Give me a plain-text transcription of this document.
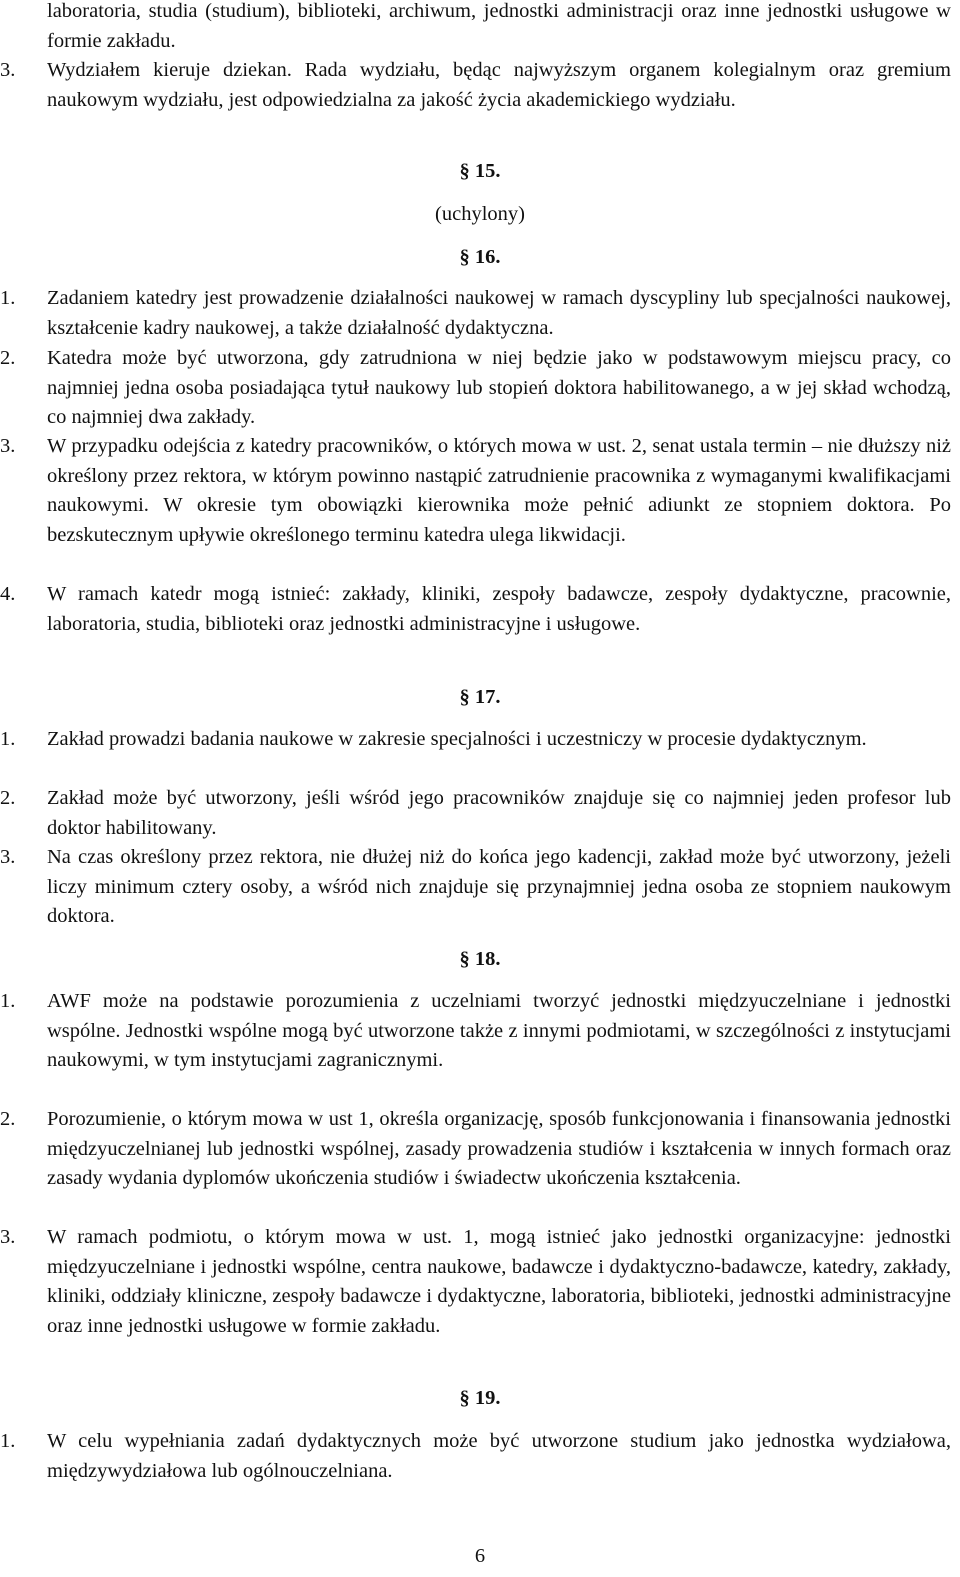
laboratoria, studia (studium), biblioteki, archiwum, jednostki administracji oraz inne jednostki usługowe w formie zakładu.
3.	Wydziałem kieruje dziekan. Rada wydziału, będąc najwyższym organem kolegialnym oraz gremium naukowym wydziału, jest odpowiedzialna za jakość życia akademickiego wydziału.
§ 15.
(uchylony)
§ 16.
1.	Zadaniem katedry jest prowadzenie działalności naukowej w ramach dyscypliny lub specjalności naukowej, kształcenie kadry naukowej, a także działalność dydaktyczna.
2.	Katedra może być utworzona, gdy zatrudniona w niej będzie jako w podstawowym miejscu pracy, co najmniej jedna osoba posiadająca tytuł naukowy lub stopień doktora habilitowanego, a w jej skład wchodzą, co najmniej dwa zakłady.
3.	W przypadku odejścia z katedry pracowników, o których mowa w ust. 2, senat ustala termin – nie dłuższy niż określony przez rektora, w którym powinno nastąpić zatrudnienie pracownika z wymaganymi kwalifikacjami naukowymi. W okresie tym obowiązki kierownika może pełnić adiunkt ze stopniem doktora. Po bezskutecznym upływie określonego terminu katedra ulega likwidacji.
4.	W ramach katedr mogą istnieć: zakłady, kliniki, zespoły badawcze, zespoły dydaktyczne, pracownie, laboratoria, studia, biblioteki oraz jednostki administracyjne i usługowe.
§ 17.
1.	Zakład prowadzi badania naukowe w zakresie specjalności i uczestniczy w procesie dydaktycznym.
2.	Zakład może być utworzony, jeśli wśród jego pracowników znajduje się co najmniej jeden profesor lub doktor habilitowany.
3.	Na czas określony przez rektora, nie dłużej niż do końca jego kadencji, zakład może być utworzony, jeżeli liczy minimum cztery osoby, a wśród nich znajduje się przynajmniej jedna osoba ze stopniem naukowym doktora.
§ 18.
1.	AWF może na podstawie porozumienia z uczelniami tworzyć jednostki międzyuczelniane i jednostki wspólne. Jednostki wspólne mogą być utworzone także z innymi podmiotami, w szczególności z instytucjami naukowymi, w tym instytucjami zagranicznymi.
2.	Porozumienie, o którym mowa w ust 1, określa organizację, sposób funkcjonowania i finansowania jednostki międzyuczelnianej lub jednostki wspólnej, zasady prowadzenia studiów i kształcenia w innych formach oraz zasady wydania dyplomów ukończenia studiów i świadectw ukończenia kształcenia.
3.	W ramach podmiotu, o którym mowa w ust. 1, mogą istnieć jako jednostki organizacyjne: jednostki międzyuczelniane i jednostki wspólne, centra naukowe, badawcze i dydaktyczno-badawcze, katedry, zakłady, kliniki, oddziały kliniczne, zespoły badawcze i dydaktyczne, laboratoria, biblioteki, jednostki administracyjne oraz inne jednostki usługowe w formie zakładu.
§ 19.
1.	W celu wypełniania zadań dydaktycznych może być utworzone studium jako jednostka wydziałowa, międzywydziałowa lub ogólnouczelniana.
6
